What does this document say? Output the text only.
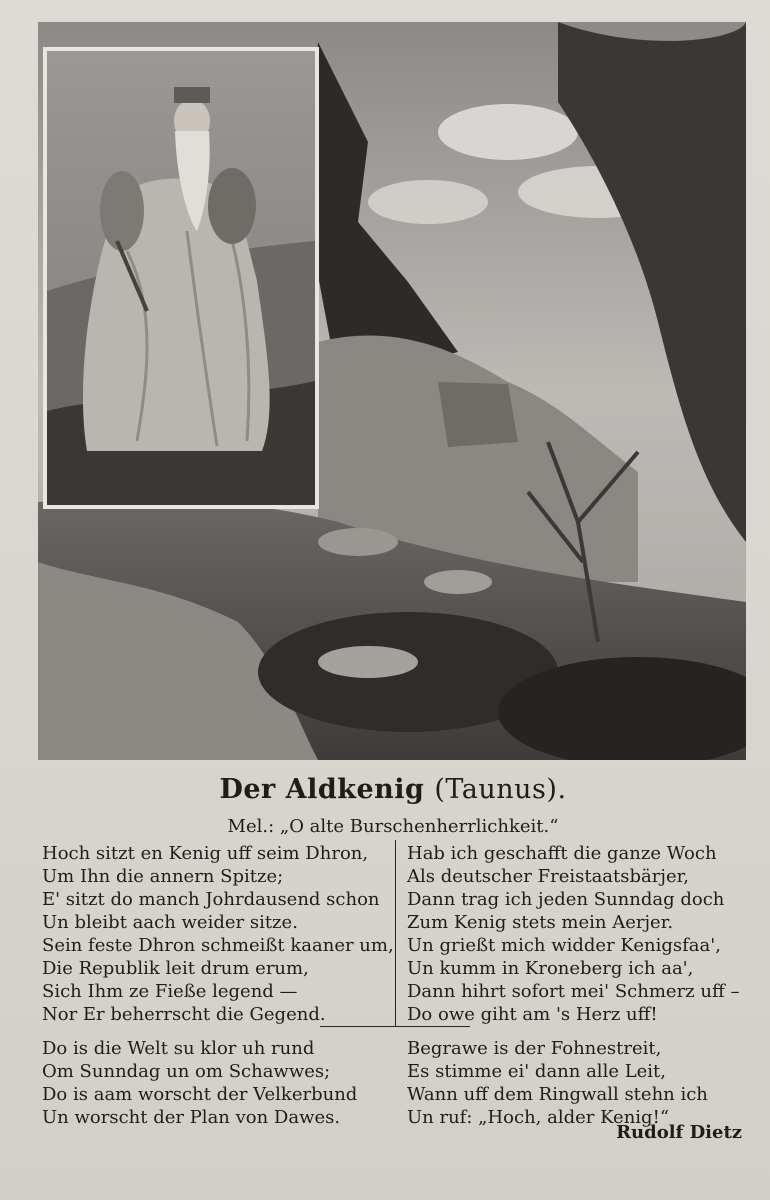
Der Aldkenig (Taunus).
Mel.: „O alte Burschenherrlichkeit.“
Hoch sitzt en Kenig uff seim Dhron,
Um Ihn die annern Spitze;
E' sitzt do manch Johrdausend schon
Un bleibt aach weider sitze.
Sein feste Dhron schmeißt kaaner um,
Die Republik leit drum erum,
Sich Ihm ze Fieße legend —
Nor Er beherrscht die Gegend.
Do is die Welt su klor uh rund
Om Sunndag un om Schawwes;
Do is aam worscht der Velkerbund
Un worscht der Plan von Dawes.
Hab ich geschafft die ganze Woch
Als deutscher Freistaatsbärjer,
Dann trag ich jeden Sunndag doch
Zum Kenig stets mein Aerjer.
Un grießt mich widder Kenigsfaa',
Un kumm in Kroneberg ich aa',
Dann hihrt sofort mei' Schmerz uff –
Do owe giht am 's Herz uff!
Begrawe is der Fohnestreit,
Es stimme ei' dann alle Leit,
Wann uff dem Ringwall stehn ich
Un ruf: „Hoch, alder Kenig!“
Rudolf Dietz
